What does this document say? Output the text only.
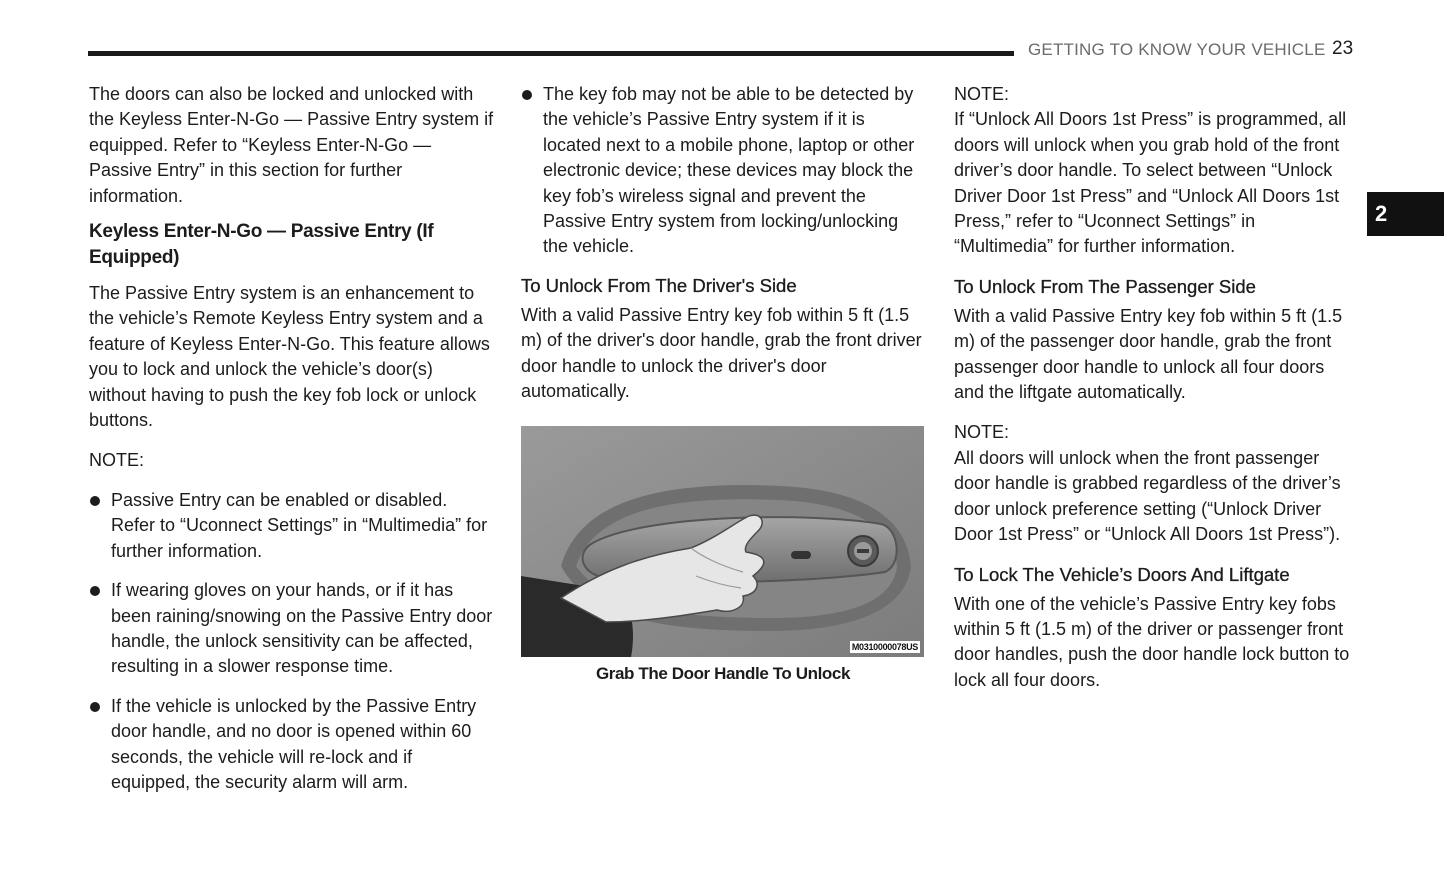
GETTING TO KNOW YOUR VEHICLE 23
2

The doors can also be locked and unlocked with the Keyless Enter-N-Go — Passive Entry system if equipped. Refer to “Keyless Enter-N-Go — Passive Entry” in this section for further information.

Keyless Enter-N-Go — Passive Entry (If Equipped)

The Passive Entry system is an enhancement to the vehicle’s Remote Keyless Entry system and a feature of Keyless Enter-N-Go. This feature allows you to lock and unlock the vehicle’s door(s) without having to push the key fob lock or unlock buttons.

NOTE:

Passive Entry can be enabled or disabled. Refer to “Uconnect Settings” in “Multimedia” for further information.
If wearing gloves on your hands, or if it has been raining/snowing on the Passive Entry door handle, the unlock sensitivity can be affected, resulting in a slower response time.
If the vehicle is unlocked by the Passive Entry door handle, and no door is opened within 60 seconds, the vehicle will re-lock and if equipped, the security alarm will arm.
The key fob may not be able to be detected by the vehicle’s Passive Entry system if it is located next to a mobile phone, laptop or other electronic device; these devices may block the key fob’s wireless signal and prevent the Passive Entry system from locking/unlocking the vehicle.

To Unlock From The Driver's Side

With a valid Passive Entry key fob within 5 ft (1.5 m) of the driver's door handle, grab the front driver door handle to unlock the driver's door automatically.

M0310000078US

Grab The Door Handle To Unlock

NOTE:
If “Unlock All Doors 1st Press” is programmed, all doors will unlock when you grab hold of the front driver’s door handle. To select between “Unlock Driver Door 1st Press” and “Unlock All Doors 1st Press,” refer to “Uconnect Settings” in “Multimedia” for further information.

To Unlock From The Passenger Side

With a valid Passive Entry key fob within 5 ft (1.5 m) of the passenger door handle, grab the front passenger door handle to unlock all four doors and the liftgate automatically.

NOTE:
All doors will unlock when the front passenger door handle is grabbed regardless of the driver’s door unlock preference setting (“Unlock Driver Door 1st Press” or “Unlock All Doors 1st Press”).

To Lock The Vehicle’s Doors And Liftgate

With one of the vehicle’s Passive Entry key fobs within 5 ft (1.5 m) of the driver or passenger front door handles, push the door handle lock button to lock all four doors.
